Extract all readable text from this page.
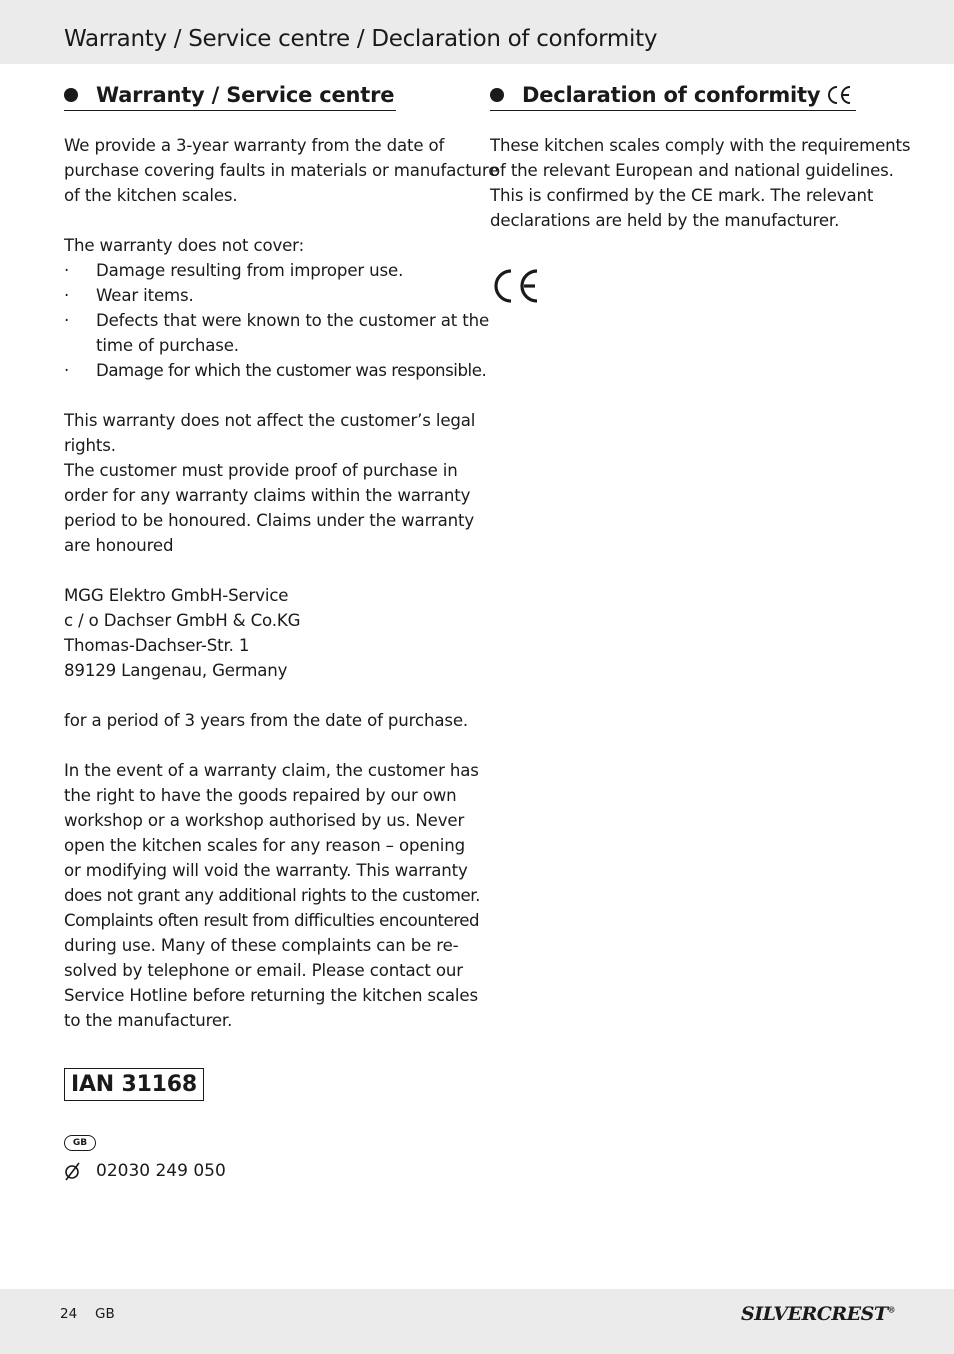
Warranty / Service centre / Declaration of conformity
Warranty / Service centre	Declaration of conformity

We provide a 3-year warranty from the date of

purchase covering faults in materials or manufacture

of the kitchen scales.

The warranty does not cover:

· Damage resulting from improper use.

· Wear items.

· Defects that were known to the customer at the

time of purchase.

· Damage for which the customer was responsible.

This warranty does not affect the customer’s legal

rights.

The customer must provide proof of purchase in

order for any warranty claims within the warranty

period to be honoured. Claims under the warranty

are honoured

MGG Elektro GmbH-Service

c / o Dachser GmbH & Co.KG

Thomas-Dachser-Str. 1

89129 Langenau, Germany

for a period of 3 years from the date of purchase.

In the event of a warranty claim, the customer has

the right to have the goods repaired by our own

workshop or a workshop authorised by us. Never

open the kitchen scales for any reason – opening

or modifying will void the warranty. This warranty

does not grant any additional rights to the customer.

Complaints often result from difficulties encountered

during use. Many of these complaints can be re-

solved by telephone or email. Please contact our

Service Hotline before returning the kitchen scales

to the manufacturer.

IAN 31168
GB
02030 249 050

These kitchen scales comply with the requirements

of the relevant European and national guidelines.

This is confirmed by the CE mark. The relevant

declarations are held by the manufacturer.

24 GB	SILVERCREST®
